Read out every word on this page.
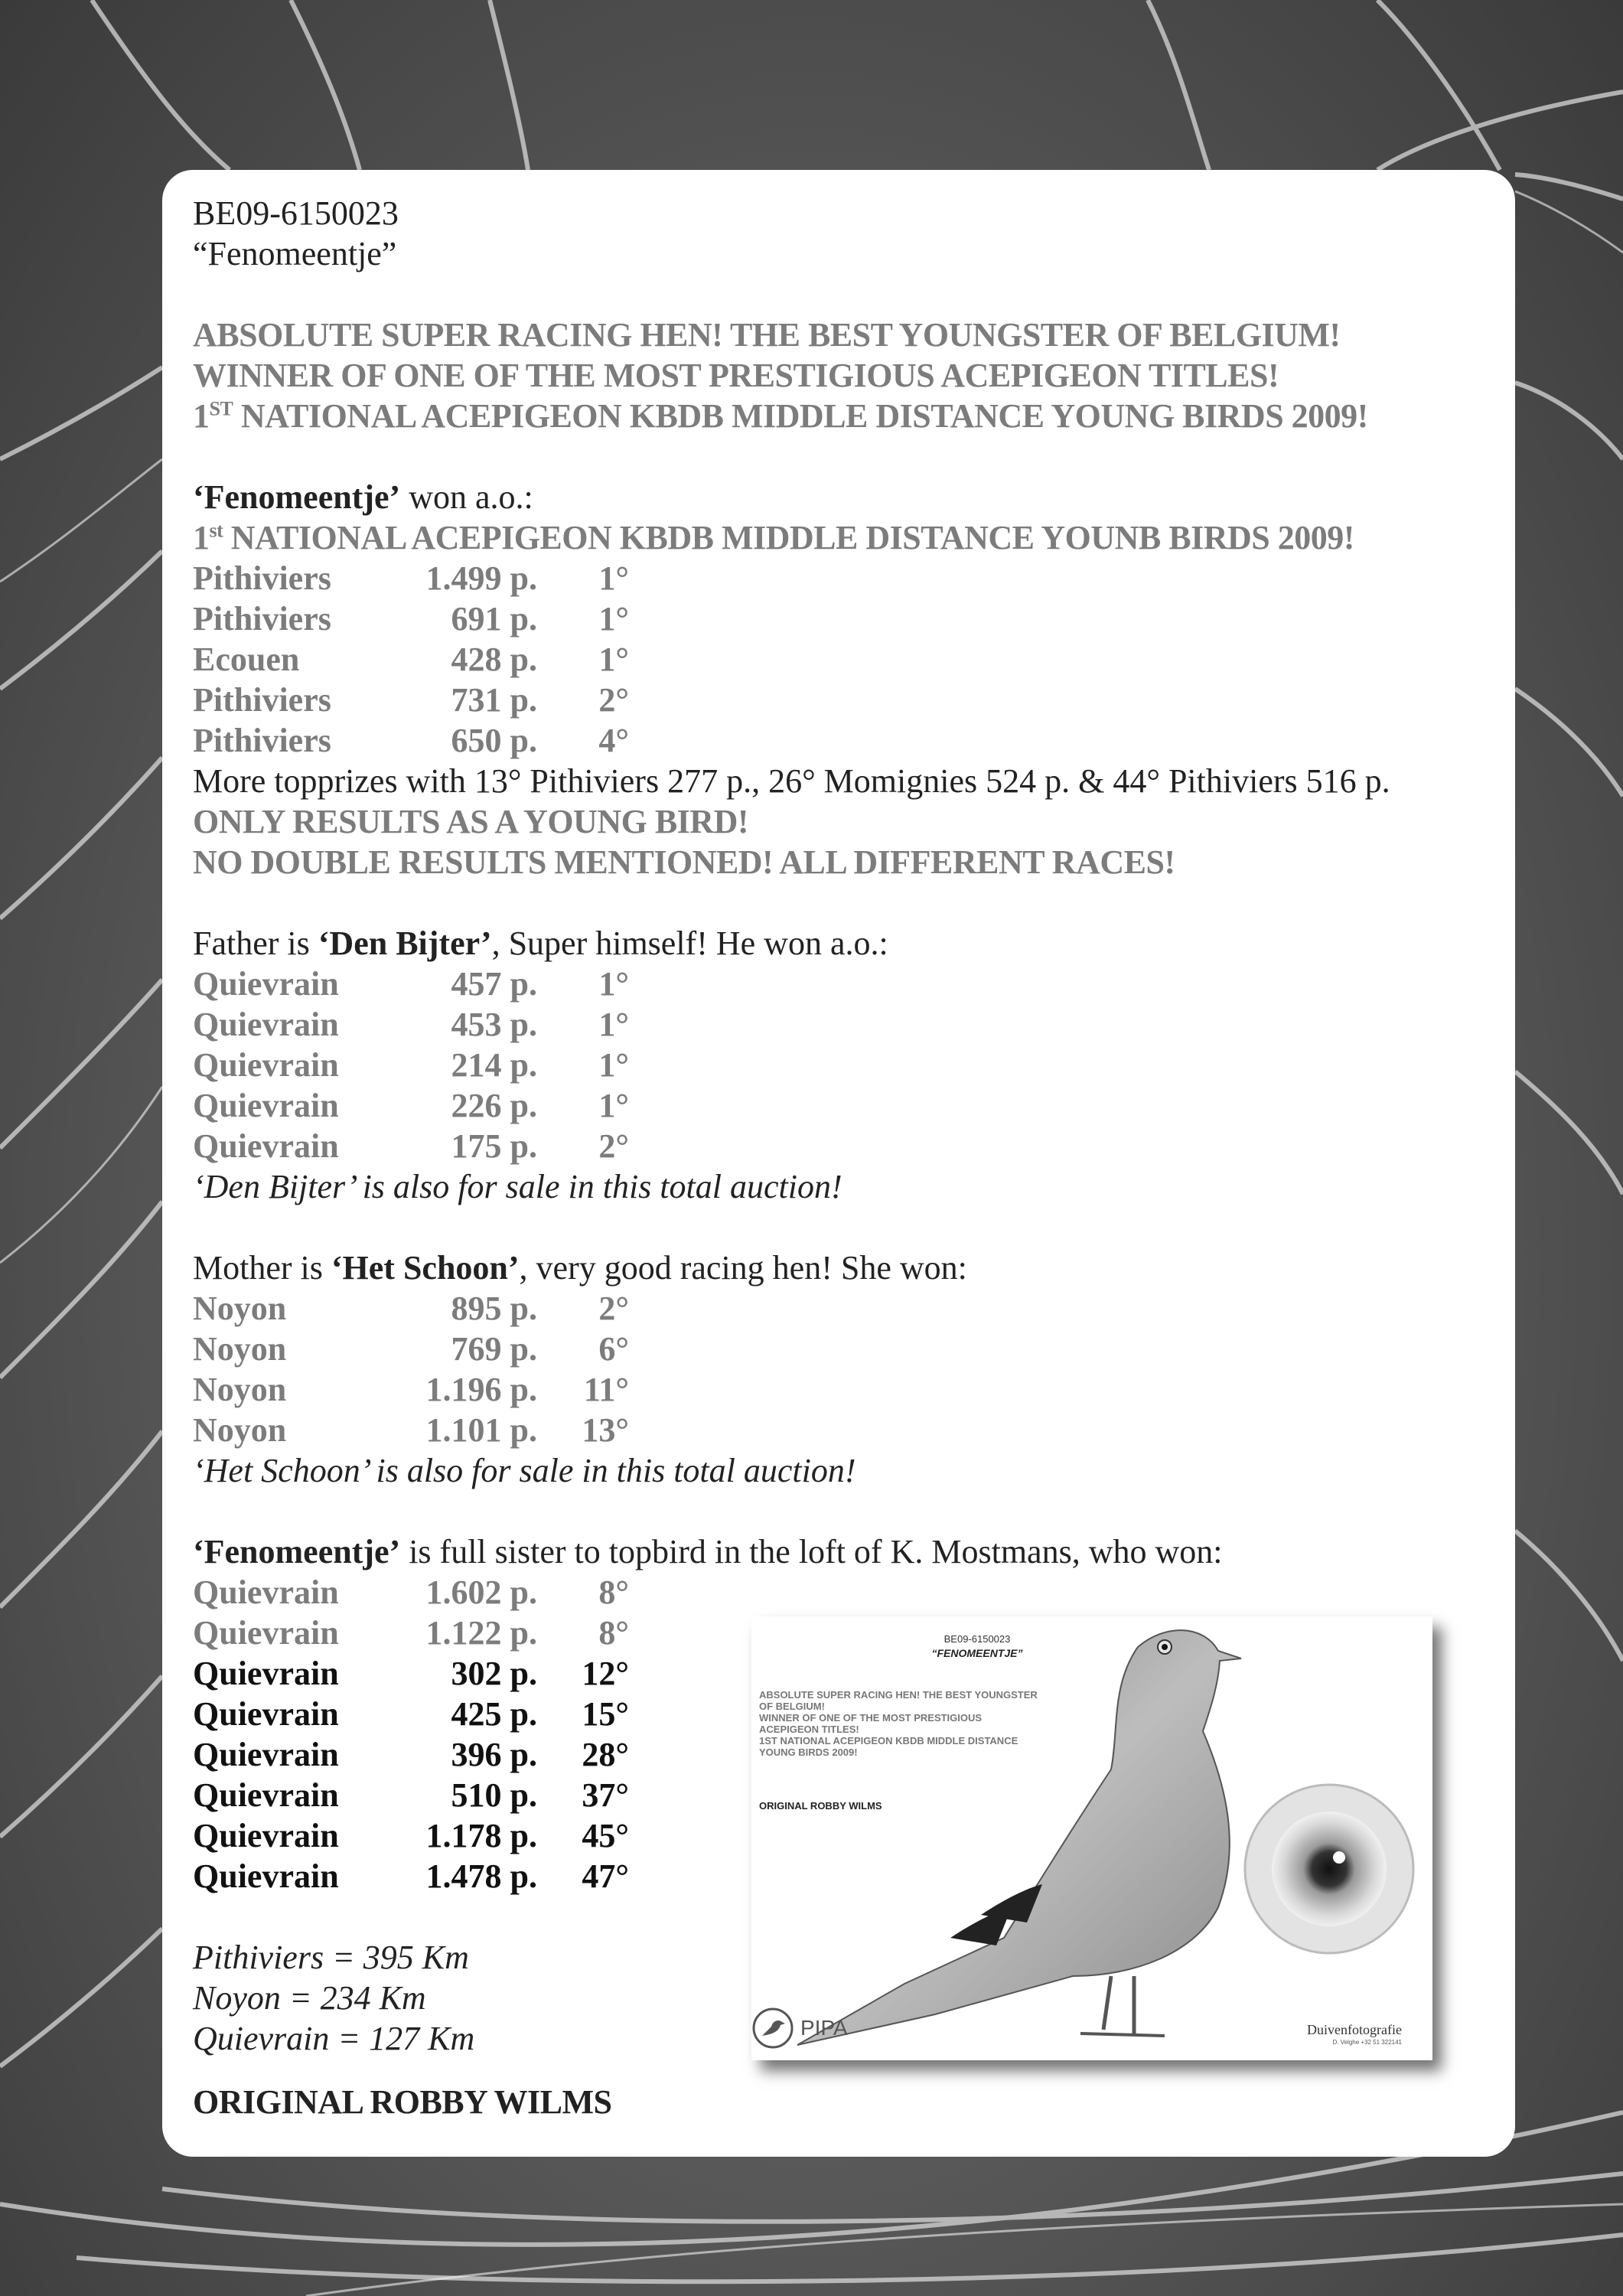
BE09-6150023
“Fenomeentje”
ABSOLUTE SUPER RACING HEN! THE BEST YOUNGSTER OF BELGIUM!
WINNER OF ONE OF THE MOST PRESTIGIOUS ACEPIGEON TITLES!
1ST NATIONAL ACEPIGEON KBDB MIDDLE DISTANCE YOUNG BIRDS 2009!
‘Fenomeentje’ won a.o.:
1st NATIONAL ACEPIGEON KBDB MIDDLE DISTANCE YOUNB BIRDS 2009!
Pithiviers	1.499 p.	1°
Pithiviers	691 p.	1°
Ecouen	428 p.	1°
Pithiviers	731 p.	2°
Pithiviers	650 p.	4°
More topprizes with 13° Pithiviers 277 p., 26° Momignies 524 p. & 44° Pithiviers 516 p.
ONLY RESULTS AS A YOUNG BIRD!
NO DOUBLE RESULTS MENTIONED! ALL DIFFERENT RACES!
Father is ‘Den Bijter’, Super himself! He won a.o.:
Quievrain	457 p.	1°
Quievrain	453 p.	1°
Quievrain	214 p.	1°
Quievrain	226 p.	1°
Quievrain	175 p.	2°
‘Den Bijter’ is also for sale in this total auction!
Mother is ‘Het Schoon’, very good racing hen! She won:
Noyon	895 p.	2°
Noyon	769 p.	6°
Noyon	1.196 p.	11°
Noyon	1.101 p.	13°
‘Het Schoon’ is also for sale in this total auction!
‘Fenomeentje’ is full sister to topbird in the loft of K. Mostmans, who won:
Quievrain	1.602 p.	8°
Quievrain	1.122 p.	8°
Quievrain	302 p.	12°
Quievrain	425 p.	15°
Quievrain	396 p.	28°
Quievrain	510 p.	37°
Quievrain	1.178 p.	45°
Quievrain	1.478 p.	47°
Pithiviers = 395 Km
Noyon = 234 Km
Quievrain = 127 Km
ORIGINAL ROBBY WILMS
BE09-6150023
“FENOMEENTJE”
ABSOLUTE SUPER RACING HEN! THE BEST YOUNGSTER
OF BELGIUM!
WINNER OF ONE OF THE MOST PRESTIGIOUS
ACEPIGEON TITLES!
1ST NATIONAL ACEPIGEON KBDB MIDDLE DISTANCE
YOUNG BIRDS 2009!
ORIGINAL ROBBY WILMS
PIPA	Duivenfotografie
D. Velghe +32 51 322141
